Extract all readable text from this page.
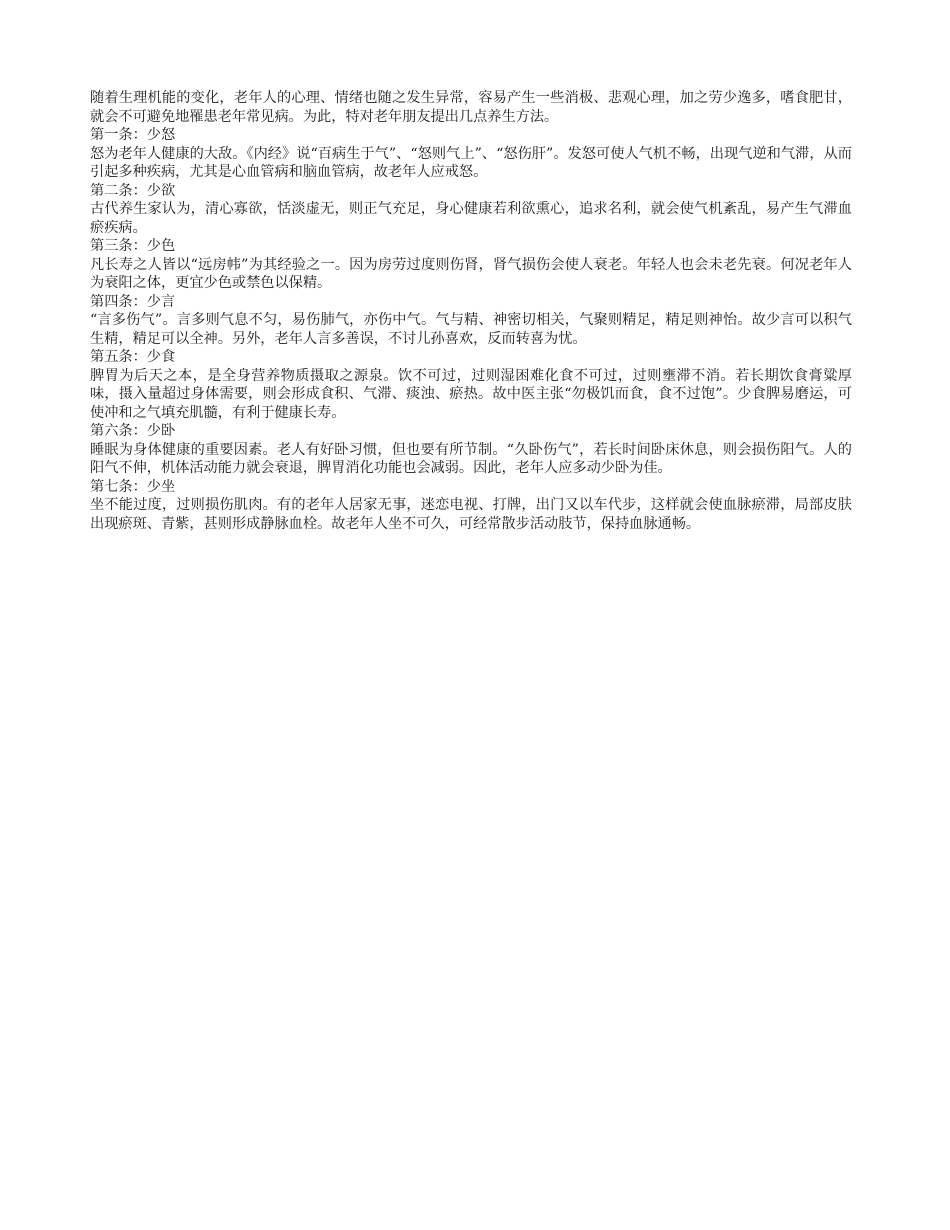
随着生理机能的变化，老年人的心理、情绪也随之发生异常，容易产生一些消极、悲观心理，加之劳少逸多，嗜食肥甘，就会不可避免地罹患老年常见病。为此，特对老年朋友提出几点养生方法。

第一条：少怒

怒为老年人健康的大敌。《内经》说“百病生于气”、“怒则气上”、“怒伤肝”。发怒可使人气机不畅，出现气逆和气滞，从而引起多种疾病，尤其是心血管病和脑血管病，故老年人应戒怒。

第二条：少欲

古代养生家认为，清心寡欲，恬淡虚无，则正气充足，身心健康若利欲熏心，追求名利，就会使气机紊乱，易产生气滞血瘀疾病。

第三条：少色

凡长寿之人皆以“远房帏”为其经验之一。因为房劳过度则伤肾，肾气损伤会使人衰老。年轻人也会未老先衰。何况老年人为衰阳之体，更宜少色或禁色以保精。

第四条：少言

“言多伤气”。言多则气息不匀，易伤肺气，亦伤中气。气与精、神密切相关，气聚则精足，精足则神怡。故少言可以积气生精，精足可以全神。另外，老年人言多善误，不讨儿孙喜欢，反而转喜为忧。

第五条：少食

脾胃为后天之本，是全身营养物质摄取之源泉。饮不可过，过则湿困难化食不可过，过则壅滞不消。若长期饮食膏粱厚味，摄入量超过身体需要，则会形成食积、气滞、痰浊、瘀热。故中医主张“勿极饥而食，食不过饱”。少食脾易磨运，可使冲和之气填充肌髓，有利于健康长寿。

第六条：少卧

睡眠为身体健康的重要因素。老人有好卧习惯，但也要有所节制。“久卧伤气”，若长时间卧床休息，则会损伤阳气。人的阳气不伸，机体活动能力就会衰退，脾胃消化功能也会减弱。因此，老年人应多动少卧为佳。

第七条：少坐

坐不能过度，过则损伤肌肉。有的老年人居家无事，迷恋电视、打牌，出门又以车代步，这样就会使血脉瘀滞，局部皮肤出现瘀斑、青紫，甚则形成静脉血栓。故老年人坐不可久，可经常散步活动肢节，保持血脉通畅。
